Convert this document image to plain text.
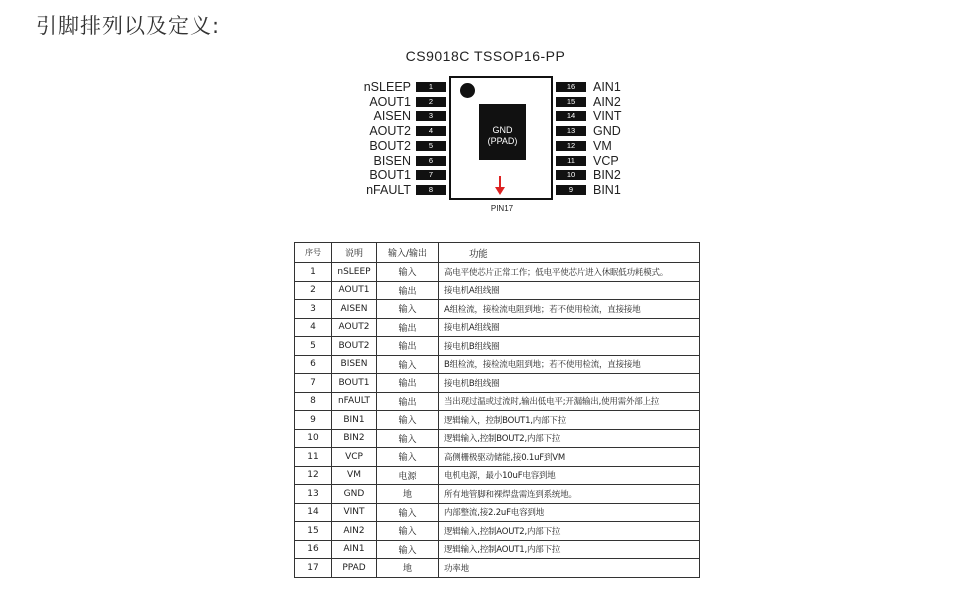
引脚排列以及定义:
CS9018C TSSOP16-PP
GND
(PPAD)
PIN17
序号	说明	输入/输出	功能
1	nSLEEP	输入	高电平使芯片正常工作；低电平使芯片进入休眠低功耗模式。
2	AOUT1	输出	接电机A组线圈
3	AISEN	输入	A组检流，接检流电阻到地；若不使用检流，直接接地
4	AOUT2	输出	接电机A组线圈
5	BOUT2	输出	接电机B组线圈
6	BISEN	输入	B组检流，接检流电阻到地；若不使用检流，直接接地
7	BOUT1	输出	接电机B组线圈
8	nFAULT	输出	当出现过温或过流时,输出低电平;开漏输出,使用需外部上拉
9	BIN1	输入	逻辑输入，控制BOUT1,内部下拉
10	BIN2	输入	逻辑输入,控制BOUT2,内部下拉
11	VCP	输入	高侧栅极驱动储能,接0.1uF到VM
12	VM	电源	电机电源，最小10uF电容到地
13	GND	地	所有地管脚和裸焊盘需连到系统地。
14	VINT	输入	内部整流,接2.2uF电容到地
15	AIN2	输入	逻辑输入,控制AOUT2,内部下拉
16	AIN1	输入	逻辑输入,控制AOUT1,内部下拉
17	PPAD	地	功率地
nSLEEP	1
AOUT1	2
AISEN	3
AOUT2	4
BOUT2	5
BISEN	6
BOUT1	7
nFAULT	8
16	AIN1
15	AIN2
14	VINT
13	GND
12	VM
11	VCP
10	BIN2
9	BIN1
